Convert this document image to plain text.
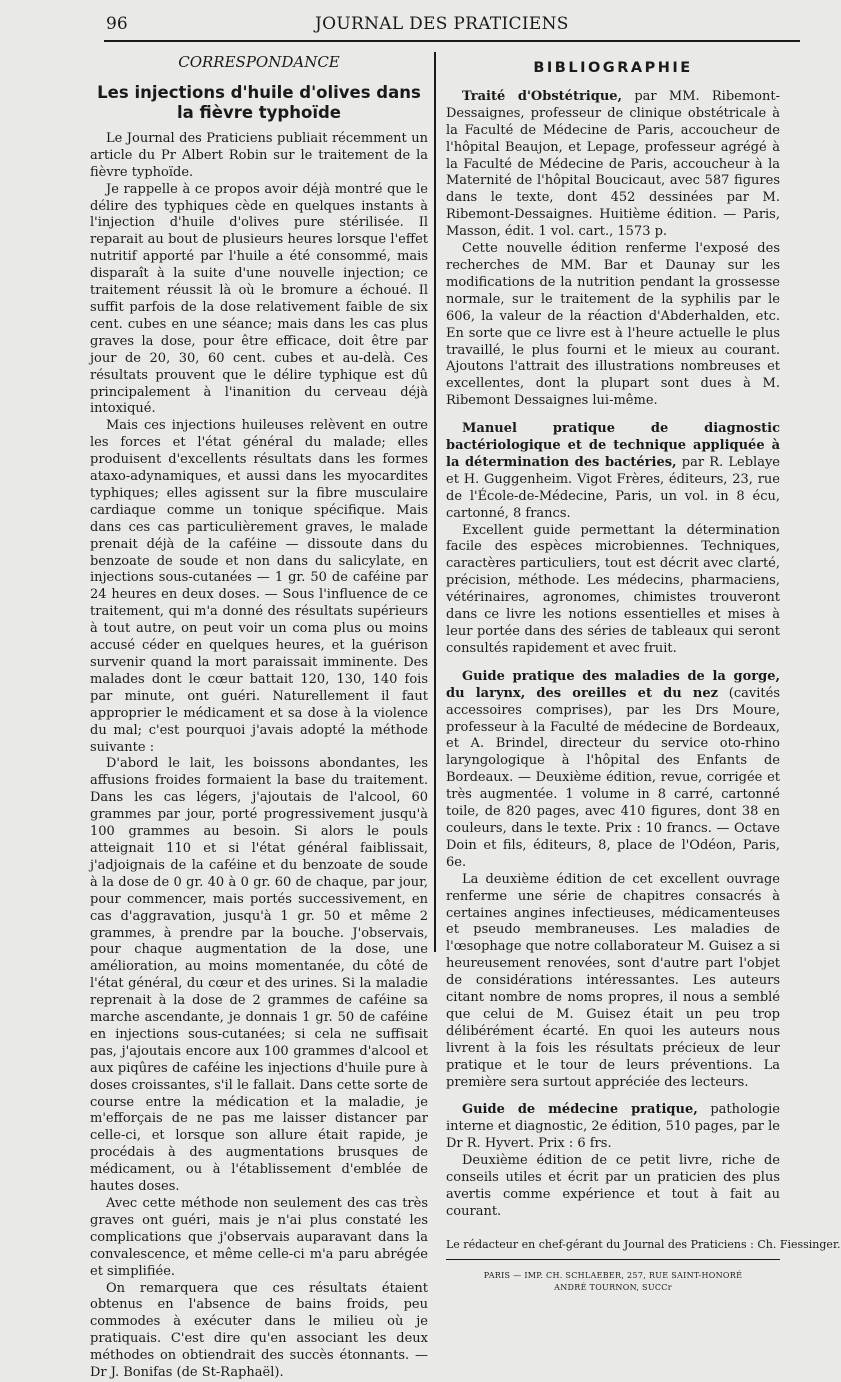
96	JOURNAL DES PRATICIENS
CORRESPONDANCE
Les injections d'huile d'olives dans la fièvre typhoïde

Le Journal des Praticiens publiait récemment un article du Pr Albert Robin sur le traitement de la fièvre typhoïde.

Je rappelle à ce propos avoir déjà montré que le délire des typhiques cède en quelques instants à l'injection d'huile d'olives pure stérilisée. Il reparait au bout de plusieurs heures lorsque l'effet nutritif apporté par l'huile a été consommé, mais disparaît à la suite d'une nouvelle injection; ce traitement réussit là où le bromure a échoué. Il suffit parfois de la dose relativement faible de six cent. cubes en une séance; mais dans les cas plus graves la dose, pour être efficace, doit être par jour de 20, 30, 60 cent. cubes et au-delà. Ces résultats prouvent que le délire typhique est dû principalement à l'inanition du cerveau déjà intoxiqué.

Mais ces injections huileuses relèvent en outre les forces et l'état général du malade; elles produisent d'excellents résultats dans les formes ataxo-adynamiques, et aussi dans les myocardites typhiques; elles agissent sur la fibre musculaire cardiaque comme un tonique spécifique. Mais dans ces cas particulièrement graves, le malade prenait déjà de la caféine — dissoute dans du benzoate de soude et non dans du salicylate, en injections sous-cutanées — 1 gr. 50 de caféine par 24 heures en deux doses. — Sous l'influence de ce traitement, qui m'a donné des résultats supérieurs à tout autre, on peut voir un coma plus ou moins accusé céder en quelques heures, et la guérison survenir quand la mort paraissait imminente. Des malades dont le cœur battait 120, 130, 140 fois par minute, ont guéri. Naturellement il faut approprier le médicament et sa dose à la violence du mal; c'est pourquoi j'avais adopté la méthode suivante :

D'abord le lait, les boissons abondantes, les affusions froides formaient la base du traitement. Dans les cas légers, j'ajoutais de l'alcool, 60 grammes par jour, porté progressivement jusqu'à 100 grammes au besoin. Si alors le pouls atteignait 110 et si l'état général faiblissait, j'adjoignais de la caféine et du benzoate de soude à la dose de 0 gr. 40 à 0 gr. 60 de chaque, par jour, pour commencer, mais portés successivement, en cas d'aggravation, jusqu'à 1 gr. 50 et même 2 grammes, à prendre par la bouche. J'observais, pour chaque augmentation de la dose, une amélioration, au moins momentanée, du côté de l'état général, du cœur et des urines. Si la maladie reprenait à la dose de 2 grammes de caféine sa marche ascendante, je donnais 1 gr. 50 de caféine en injections sous-cutanées; si cela ne suffisait pas, j'ajoutais encore aux 100 grammes d'alcool et aux piqûres de caféine les injections d'huile pure à doses croissantes, s'il le fallait. Dans cette sorte de course entre la médication et la maladie, je m'efforçais de ne pas me laisser distancer par celle-ci, et lorsque son allure était rapide, je procédais à des augmentations brusques de médicament, ou à l'établissement d'emblée de hautes doses.

Avec cette méthode non seulement des cas très graves ont guéri, mais je n'ai plus constaté les complications que j'observais auparavant dans la convalescence, et même celle-ci m'a paru abrégée et simplifiée.

On remarquera que ces résultats étaient obtenus en l'absence de bains froids, peu commodes à exécuter dans le milieu où je pratiquais. C'est dire qu'en associant les deux méthodes on obtiendrait des succès étonnants. — Dr J. Bonifas (de St-Raphaël).

BIBLIOGRAPHIE

Traité d'Obstétrique, par MM. Ribemont-Dessaignes, professeur de clinique obstétricale à la Faculté de Médecine de Paris, accoucheur de l'hôpital Beaujon, et Lepage, professeur agrégé à la Faculté de Médecine de Paris, accoucheur à la Maternité de l'hôpital Boucicaut, avec 587 figures dans le texte, dont 452 dessinées par M. Ribemont-Dessaignes. Huitième édition. — Paris, Masson, édit. 1 vol. cart., 1573 p.

Cette nouvelle édition renferme l'exposé des recherches de MM. Bar et Daunay sur les modifications de la nutrition pendant la grossesse normale, sur le traitement de la syphilis par le 606, la valeur de la réaction d'Abderhalden, etc. En sorte que ce livre est à l'heure actuelle le plus travaillé, le plus fourni et le mieux au courant. Ajoutons l'attrait des illustrations nombreuses et excellentes, dont la plupart sont dues à M. Ribemont Dessaignes lui-même.

Manuel pratique de diagnostic bactériologique et de technique appliquée à la détermination des bactéries, par R. Leblaye et H. Guggenheim. Vigot Frères, éditeurs, 23, rue de l'École-de-Médecine, Paris, un vol. in 8 écu, cartonné, 8 francs.

Excellent guide permettant la détermination facile des espèces microbiennes. Techniques, caractères particuliers, tout est décrit avec clarté, précision, méthode. Les médecins, pharmaciens, vétérinaires, agronomes, chimistes trouveront dans ce livre les notions essentielles et mises à leur portée dans des séries de tableaux qui seront consultés rapidement et avec fruit.

Guide pratique des maladies de la gorge, du larynx, des oreilles et du nez (cavités accessoires comprises), par les Drs Moure, professeur à la Faculté de médecine de Bordeaux, et A. Brindel, directeur du service oto-rhino laryngologique à l'hôpital des Enfants de Bordeaux. — Deuxième édition, revue, corrigée et très augmentée. 1 volume in 8 carré, cartonné toile, de 820 pages, avec 410 figures, dont 38 en couleurs, dans le texte. Prix : 10 francs. — Octave Doin et fils, éditeurs, 8, place de l'Odéon, Paris, 6e.

La deuxième édition de cet excellent ouvrage renferme une série de chapitres consacrés à certaines angines infectieuses, médicamenteuses et pseudo membraneuses. Les maladies de l'œsophage que notre collaborateur M. Guisez a si heureusement renovées, sont d'autre part l'objet de considérations intéressantes. Les auteurs citant nombre de noms propres, il nous a semblé que celui de M. Guisez était un peu trop délibérément écarté. En quoi les auteurs nous livrent à la fois les résultats précieux de leur pratique et le tour de leurs préventions. La première sera surtout appréciée des lecteurs.

Guide de médecine pratique, pathologie interne et diagnostic, 2e édition, 510 pages, par le Dr R. Hyvert. Prix : 6 frs.

Deuxième édition de ce petit livre, riche de conseils utiles et écrit par un praticien des plus avertis comme expérience et tout à fait au courant.

Le rédacteur en chef-gérant du Journal des Praticiens : Ch. Fiessinger.
PARIS — IMP. CH. SCHLAEBER, 257, RUE SAINT-HONORÉ
ANDRÉ TOURNON, SUCCr
